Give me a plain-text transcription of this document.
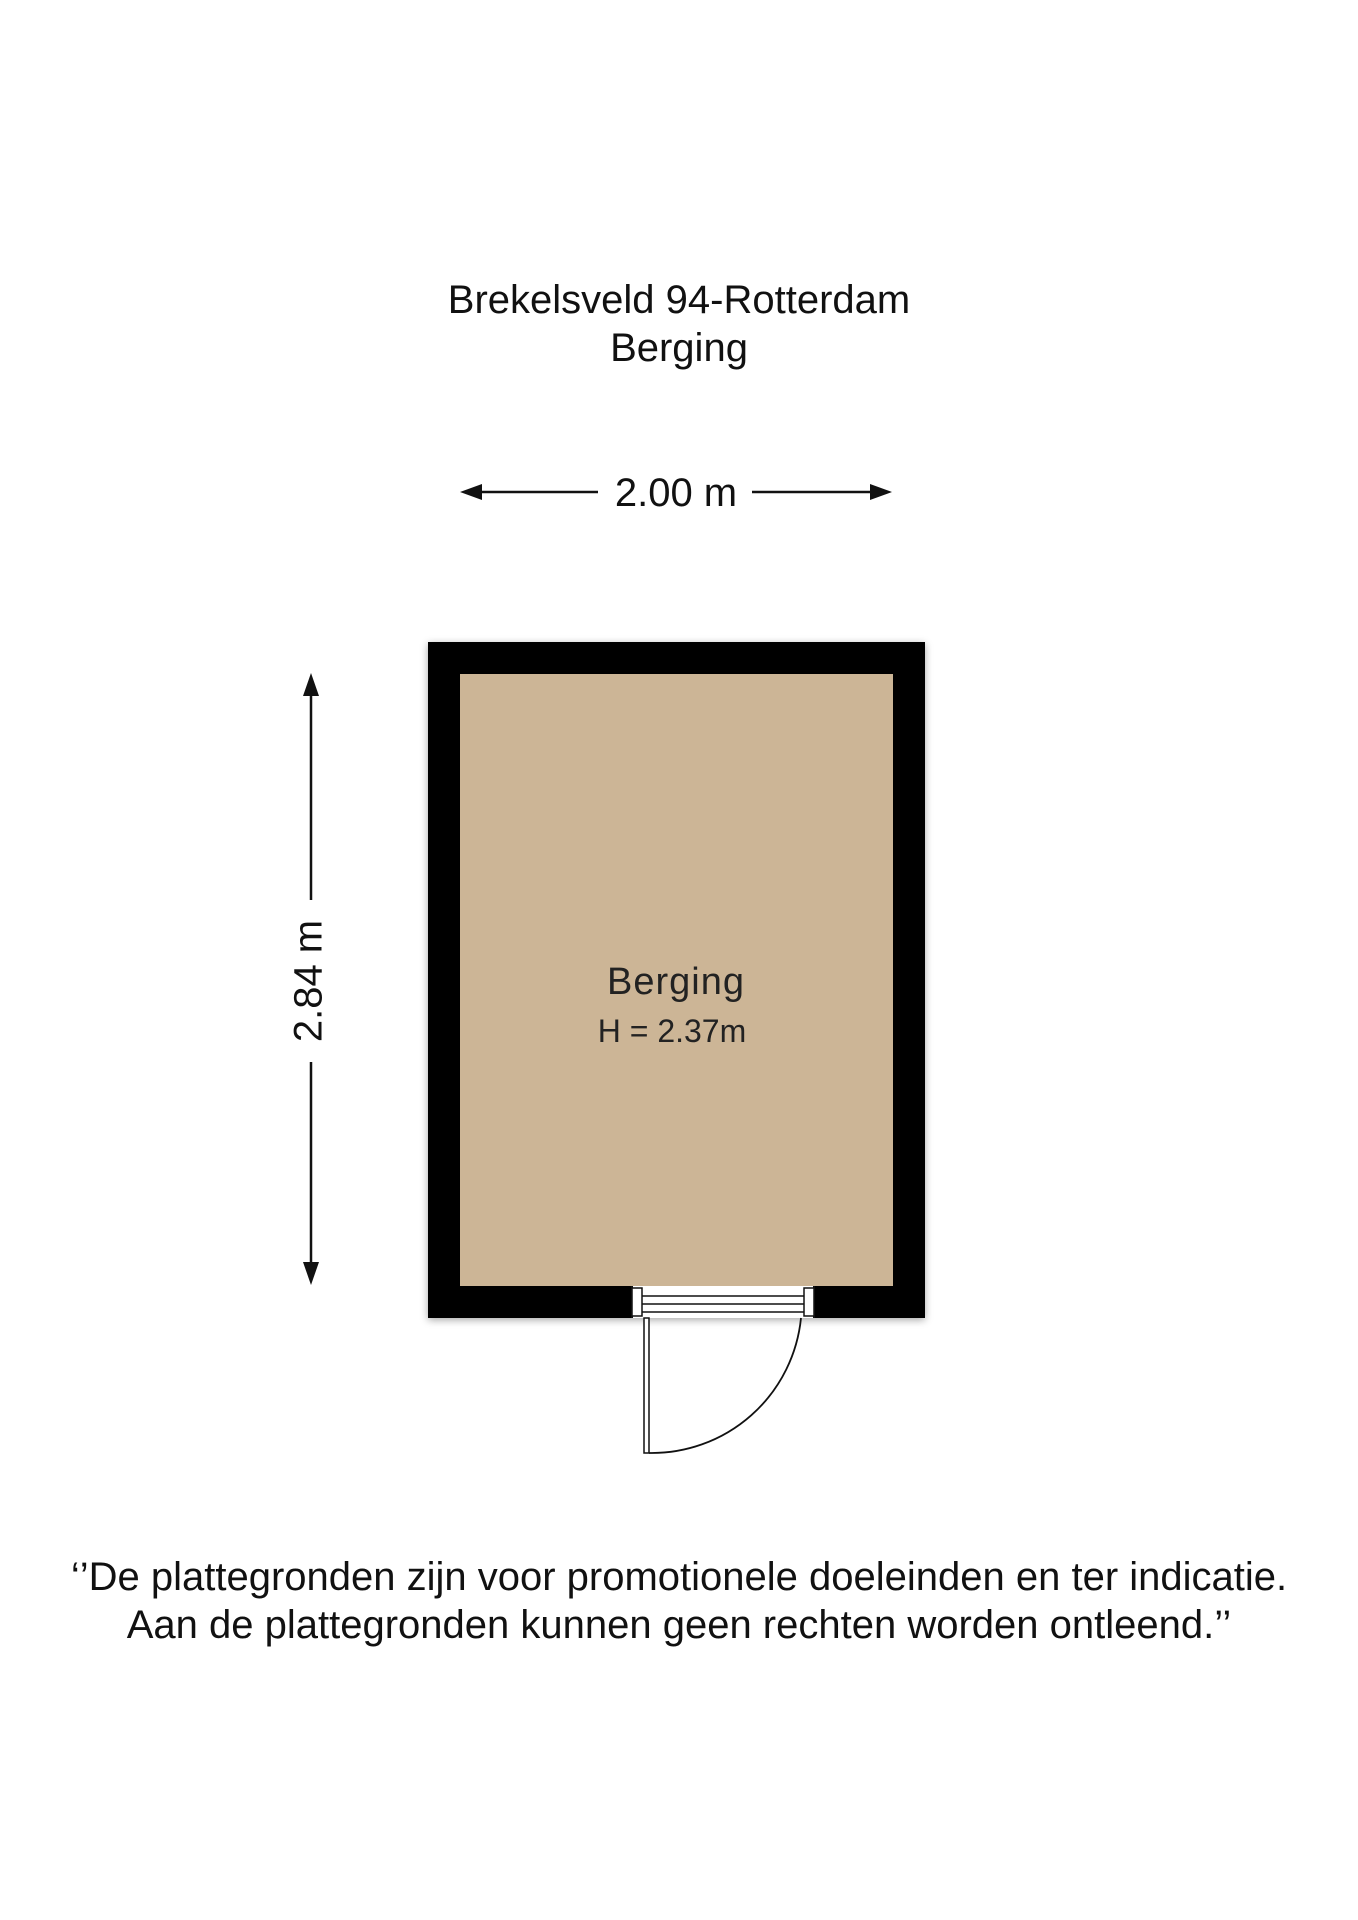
Brekelsveld 94-Rotterdam
Berging
2.00 m
2.84 m	Berging
H = 2.37m
‘’De plattegronden zijn voor promotionele doeleinden en ter indicatie.
Aan de plattegronden kunnen geen rechten worden ontleend.’’
